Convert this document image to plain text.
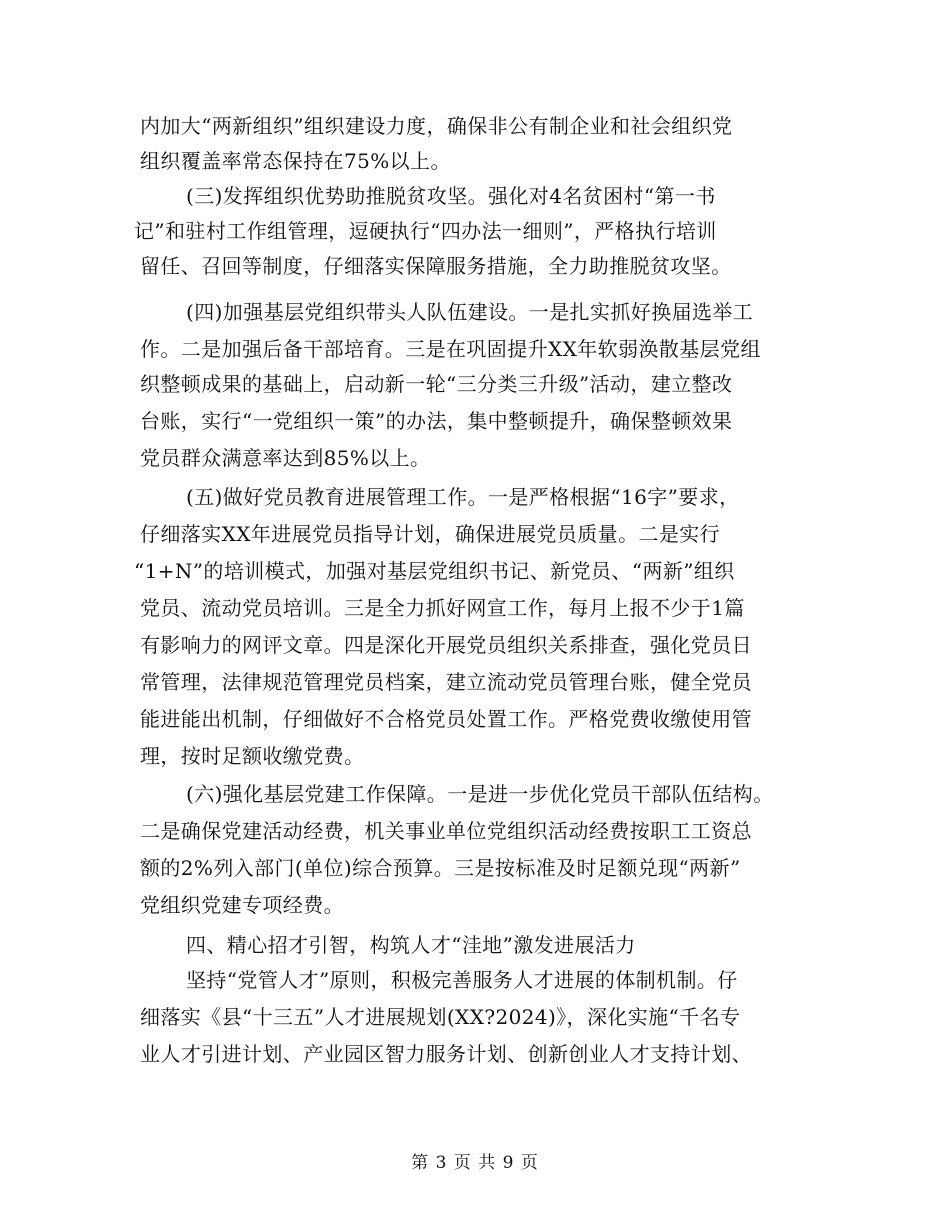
内加大“两新组织”组织建设力度，确保非公有制企业和社会组织党
组织覆盖率常态保持在75%以上。
(三)发挥组织优势助推脱贫攻坚。强化对4名贫困村“第一书
记”和驻村工作组管理，逗硬执行“四办法一细则”，严格执行培训
留任、召回等制度，仔细落实保障服务措施，全力助推脱贫攻坚。
(四)加强基层党组织带头人队伍建设。一是扎实抓好换届选举工
作。二是加强后备干部培育。三是在巩固提升XX年软弱涣散基层党组
织整顿成果的基础上，启动新一轮“三分类三升级”活动，建立整改
台账，实行“一党组织一策”的办法，集中整顿提升，确保整顿效果
党员群众满意率达到85%以上。
(五)做好党员教育进展管理工作。一是严格根据“16字”要求，
仔细落实XX年进展党员指导计划，确保进展党员质量。二是实行
“1+N”的培训模式，加强对基层党组织书记、新党员、“两新”组织
党员、流动党员培训。三是全力抓好网宣工作，每月上报不少于1篇
有影响力的网评文章。四是深化开展党员组织关系排查，强化党员日
常管理，法律规范管理党员档案，建立流动党员管理台账，健全党员
能进能出机制，仔细做好不合格党员处置工作。严格党费收缴使用管
理，按时足额收缴党费。
(六)强化基层党建工作保障。一是进一步优化党员干部队伍结构。
二是确保党建活动经费，机关事业单位党组织活动经费按职工工资总
额的2%列入部门(单位)综合预算。三是按标准及时足额兑现“两新”
党组织党建专项经费。
四、精心招才引智，构筑人才“洼地”激发进展活力
坚持“党管人才”原则，积极完善服务人才进展的体制机制。仔
细落实《县“十三五”人才进展规划(XX?2024)》，深化实施“千名专
业人才引进计划、产业园区智力服务计划、创新创业人才支持计划、
第 3 页 共 9 页
